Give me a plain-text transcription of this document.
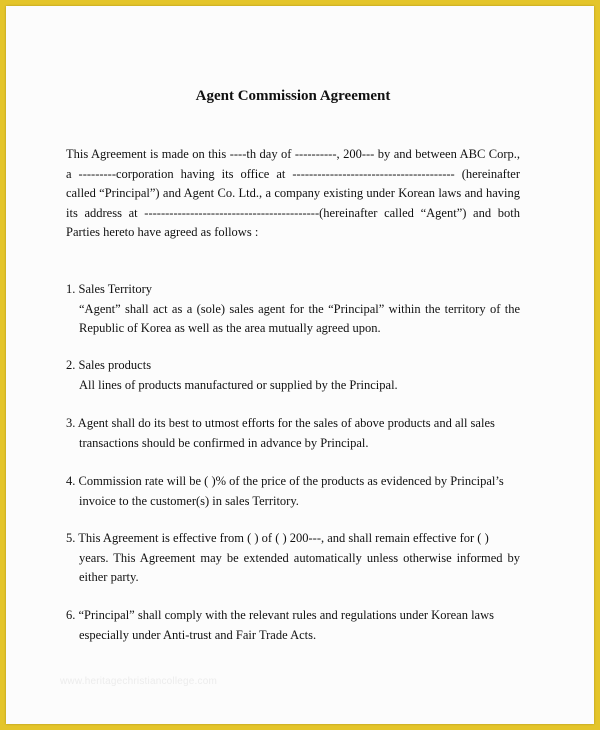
Agent Commission Agreement
This Agreement is made on this ----th day of ----------, 200--- by and between ABC Corp., a ---------corporation having its office at --------------------------------------- (hereinafter called “Principal”) and Agent Co. Ltd., a company existing under Korean laws and having its address at ------------------------------------------(hereinafter called “Agent”) and both Parties hereto have agreed as follows :
1. Sales Territory
“Agent” shall act as a (sole) sales agent for the “Principal” within the territory of the Republic of Korea as well as the area mutually agreed upon.
2. Sales products
All lines of products manufactured or supplied by the Principal.
3. Agent shall do its best to utmost efforts for the sales of above products and all sales
transactions should be confirmed in advance by Principal.
4. Commission rate will be ( )% of the price of the products as evidenced by Principal’s
invoice to the customer(s) in sales Territory.
5. This Agreement is effective from ( ) of ( ) 200---, and shall remain effective for ( )
years. This Agreement may be extended automatically unless otherwise informed by either party.
6. “Principal” shall comply with the relevant rules and regulations under Korean laws
especially under Anti-trust and Fair Trade Acts.
www.heritagechristiancollege.com
